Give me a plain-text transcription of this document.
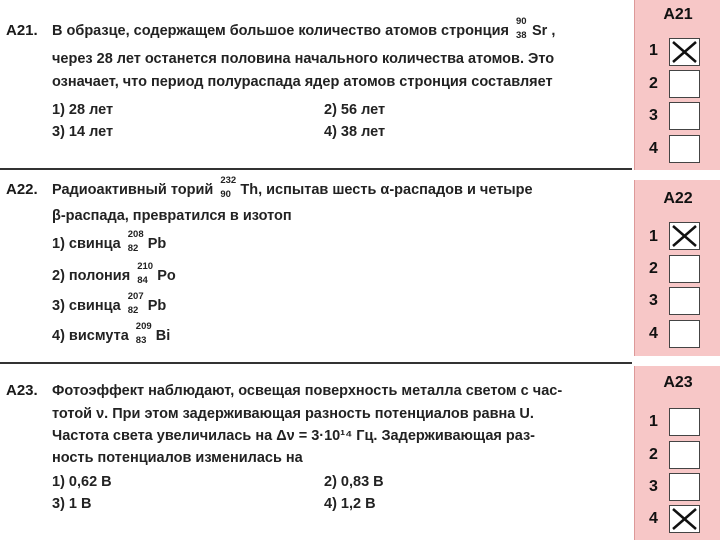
A21. В образце, содержащем большое количество атомов стронция
90
38 Sr ,
через 28 лет останется половина начального количества атомов. Это
означает, что период полураспада ядер атомов стронция составляет
1) 28 лет	2) 56 лет
3) 14 лет	4) 38 лет
A22. Радиоактивный торий
232
90 Th, испытав шесть α-распадов и четыре
β-распада, превратился в изотоп
1) свинца
208
82 Pb
2) полония
210
84 Po
3) свинца
207
82 Pb
4) висмута
209
83 Bi
A23. Фотоэффект наблюдают, освещая поверхность металла светом с час-
тотой ν. При этом задерживающая разность потенциалов равна U.
Частота света увеличилась на Δν = 3·10¹⁴ Гц. Задерживающая раз-
ность потенциалов изменилась на
1) 0,62 В	2) 0,83 В
3) 1 В	4) 1,2 В
A21
1
2
3
4
A22
1
2
3
4
A23
1
2
3
4
